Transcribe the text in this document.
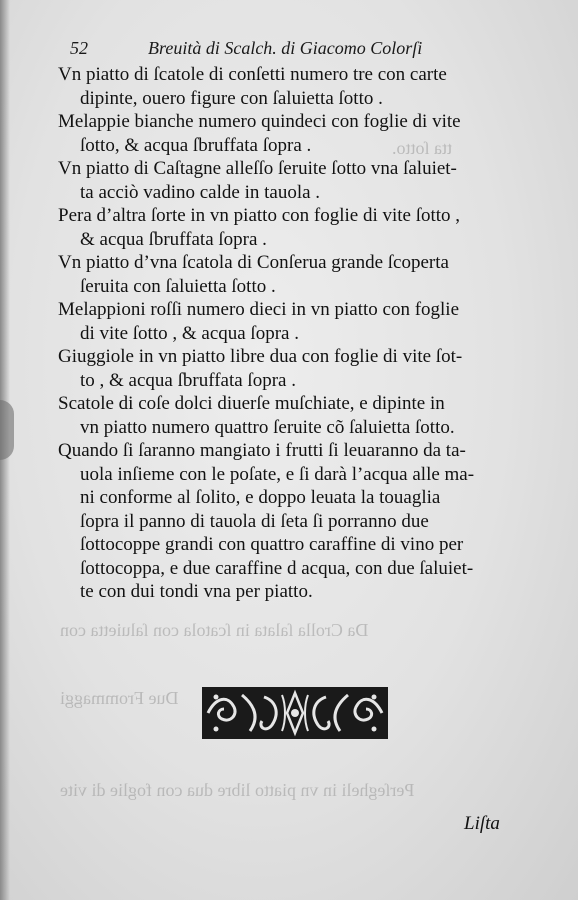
tta ſotto.
Da Crolla ſalata in ſcatola con ſaluietta con
Due Frommaggi
Perſegheli in vn piatto libre dua con foglie di vite
52	Breuità di Scalch. di Giacomo Colorſi
Vn piatto di ſcatole di conſetti numero tre con carte
dipinte, ouero figure con ſaluietta ſotto .
Melappie bianche numero quindeci con foglie di vite
ſotto, & acqua ſbruffata ſopra .
Vn piatto di Caſtagne alleſſo ſeruite ſotto vna ſaluiet-
ta acciò vadino calde in tauola .
Pera d’altra ſorte in vn piatto con foglie di vite ſotto ,
& acqua ſbruffata ſopra .
Vn piatto d’vna ſcatola di Conſerua grande ſcoperta
ſeruita con ſaluietta ſotto .
Melappioni roſſi numero dieci in vn piatto con foglie
di vite ſotto , & acqua ſopra .
Giuggiole in vn piatto libre dua con foglie di vite ſot-
to , & acqua ſbruffata ſopra .
Scatole di coſe dolci diuerſe muſchiate, e dipinte in
vn piatto numero quattro ſeruite cõ ſaluietta ſotto.
Quando ſi ſaranno mangiato i frutti ſi leuaranno da ta-
uola inſieme con le poſate, e ſi darà l’acqua alle ma-
ni conforme al ſolito, e doppo leuata la touaglia
ſopra il panno di tauola di ſeta ſi porranno due
ſottocoppe grandi con quattro caraffine di vino per
ſottocoppa, e due caraffine d acqua, con due ſaluiet-
te con dui tondi vna per piatto.
Liſta
